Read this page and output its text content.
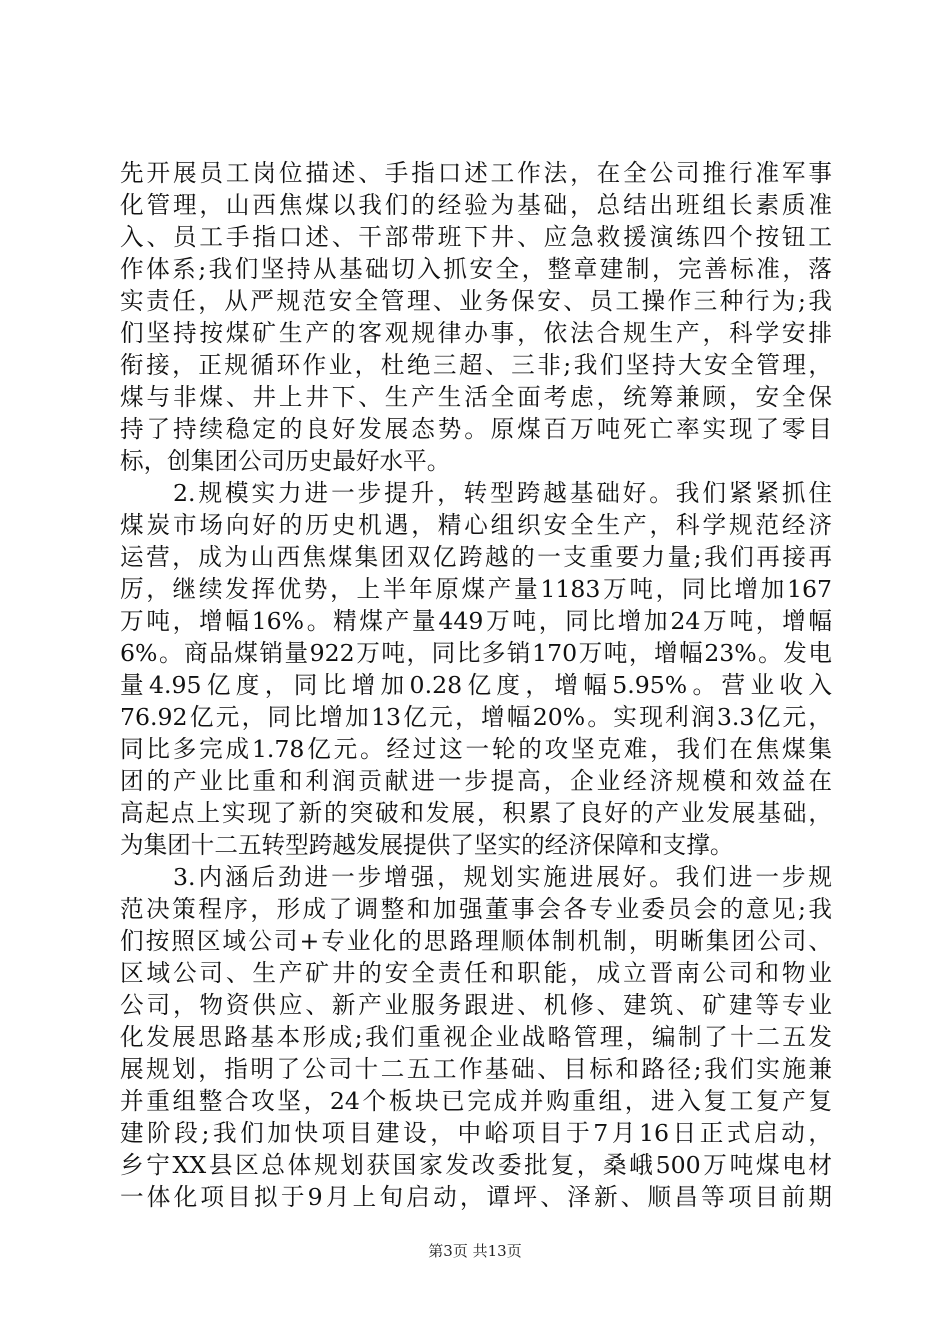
先开展员工岗位描述、手指口述工作法，在全公司推行准军事
化管理，山西焦煤以我们的经验为基础，总结出班组长素质准
入、员工手指口述、干部带班下井、应急救援演练四个按钮工
作体系;我们坚持从基础切入抓安全，整章建制，完善标准，落
实责任，从严规范安全管理、业务保安、员工操作三种行为;我
们坚持按煤矿生产的客观规律办事，依法合规生产，科学安排
衔接，正规循环作业，杜绝三超、三非;我们坚持大安全管理，
煤与非煤、井上井下、生产生活全面考虑，统筹兼顾，安全保
持了持续稳定的良好发展态势。原煤百万吨死亡率实现了零目
标，创集团公司历史最好水平。
　　2.规模实力进一步提升，转型跨越基础好。我们紧紧抓住
煤炭市场向好的历史机遇，精心组织安全生产，科学规范经济
运营，成为山西焦煤集团双亿跨越的一支重要力量;我们再接再
厉，继续发挥优势，上半年原煤产量1183万吨，同比增加167
万吨，增幅16%。精煤产量449万吨，同比增加24万吨，增幅
6%。商品煤销量922万吨，同比多销170万吨，增幅23%。发电
量4.95亿度，同比增加0.28亿度，增幅5.95%。营业收入
76.92亿元，同比增加13亿元，增幅20%。实现利润3.3亿元，
同比多完成1.78亿元。经过这一轮的攻坚克难，我们在焦煤集
团的产业比重和利润贡献进一步提高，企业经济规模和效益在
高起点上实现了新的突破和发展，积累了良好的产业发展基础，
为集团十二五转型跨越发展提供了坚实的经济保障和支撑。
　　3.内涵后劲进一步增强，规划实施进展好。我们进一步规
范决策程序，形成了调整和加强董事会各专业委员会的意见;我
们按照区域公司+专业化的思路理顺体制机制，明晰集团公司、
区域公司、生产矿井的安全责任和职能，成立晋南公司和物业
公司，物资供应、新产业服务跟进、机修、建筑、矿建等专业
化发展思路基本形成;我们重视企业战略管理，编制了十二五发
展规划，指明了公司十二五工作基础、目标和路径;我们实施兼
并重组整合攻坚，24个板块已完成并购重组，进入复工复产复
建阶段;我们加快项目建设，中峪项目于7月16日正式启动，
乡宁XX县区总体规划获国家发改委批复，桑峨500万吨煤电材
一体化项目拟于9月上旬启动，谭坪、泽新、顺昌等项目前期
第3页 共13页
